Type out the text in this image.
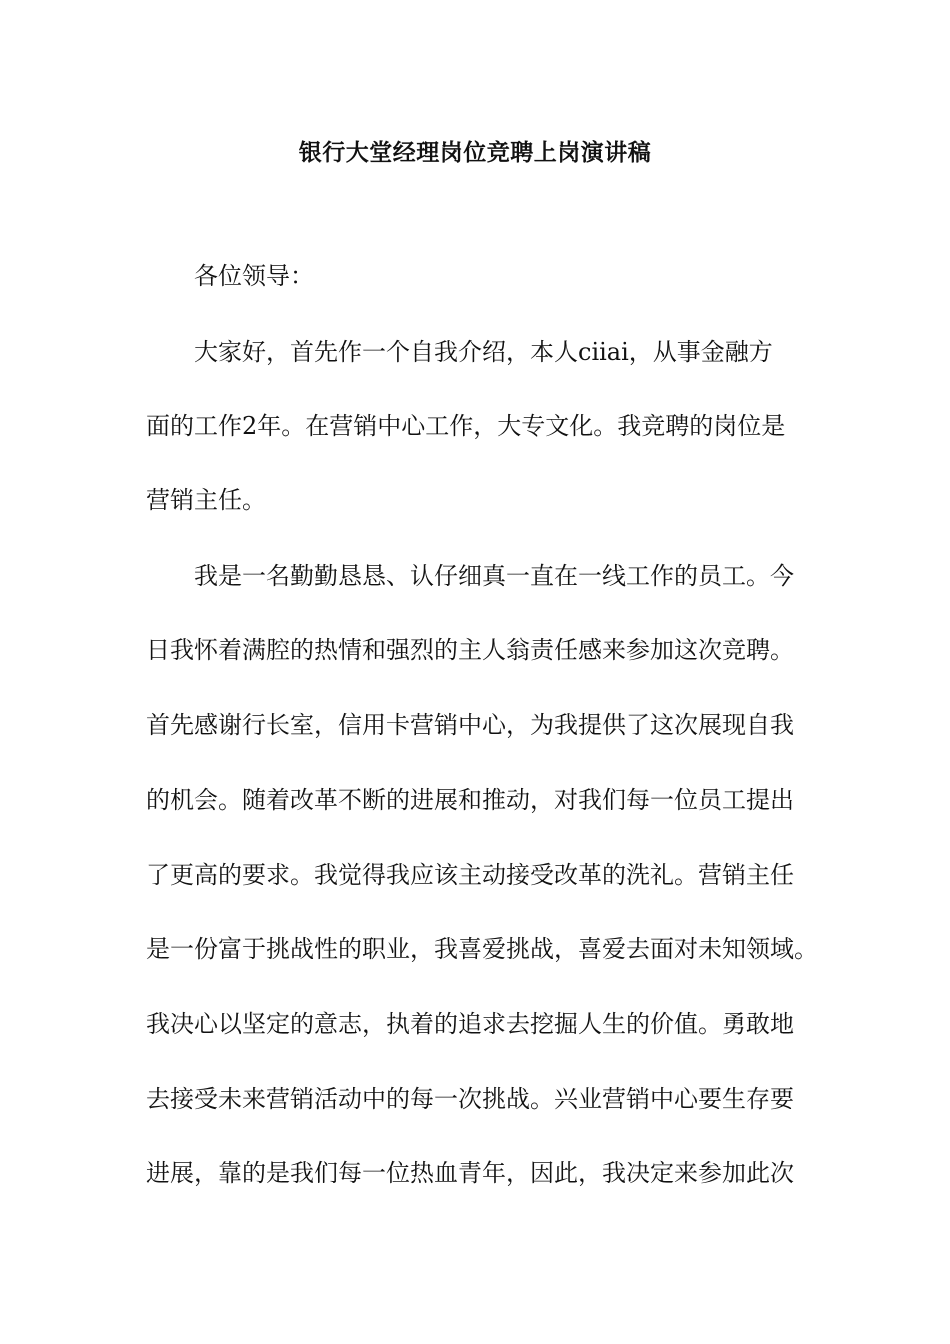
银行大堂经理岗位竞聘上岗演讲稿

各位领导：

大家好，首先作一个自我介绍，本人ciiai，从事金融方

面的工作2年。在营销中心工作，大专文化。我竞聘的岗位是

营销主任。

我是一名勤勤恳恳、认仔细真一直在一线工作的员工。今

日我怀着满腔的热情和强烈的主人翁责任感来参加这次竞聘。

首先感谢行长室，信用卡营销中心，为我提供了这次展现自我

的机会。随着改革不断的进展和推动，对我们每一位员工提出

了更高的要求。我觉得我应该主动接受改革的洗礼。营销主任

是一份富于挑战性的职业，我喜爱挑战，喜爱去面对未知领域。

我决心以坚定的意志，执着的追求去挖掘人生的价值。勇敢地

去接受未来营销活动中的每一次挑战。兴业营销中心要生存要

进展，靠的是我们每一位热血青年，因此，我决定来参加此次
